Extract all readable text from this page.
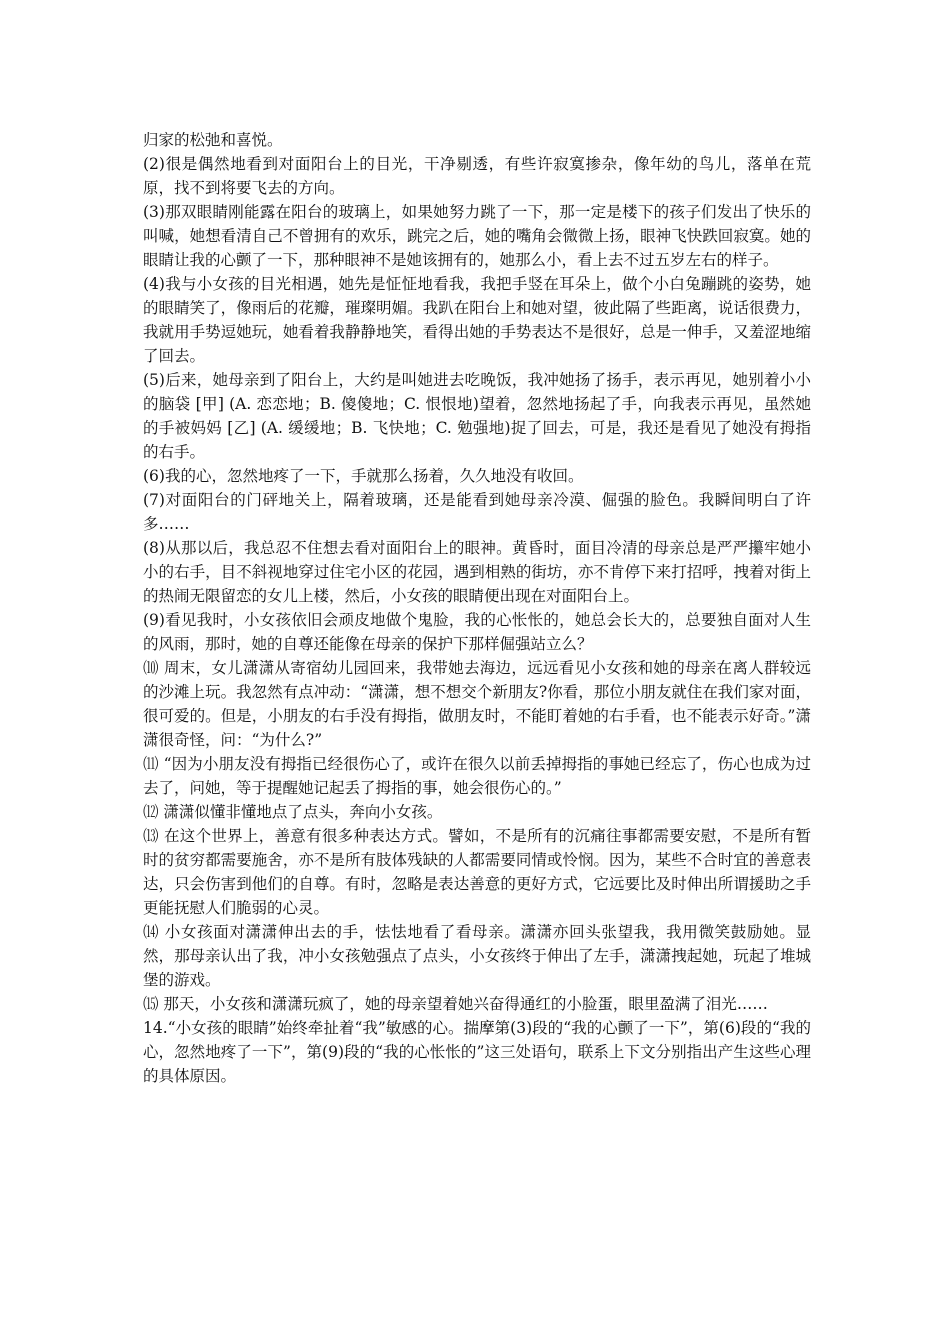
归家的松弛和喜悦。

(2)很是偶然地看到对面阳台上的目光，干净剔透，有些许寂寞掺杂，像年幼的鸟儿，落单在荒原，找不到将要飞去的方向。

(3)那双眼睛刚能露在阳台的玻璃上，如果她努力跳了一下，那一定是楼下的孩子们发出了快乐的叫喊，她想看清自己不曾拥有的欢乐，跳完之后，她的嘴角会微微上扬，眼神飞快跌回寂寞。她的眼睛让我的心颤了一下，那种眼神不是她该拥有的，她那么小，看上去不过五岁左右的样子。

(4)我与小女孩的目光相遇，她先是怔怔地看我，我把手竖在耳朵上，做个小白兔蹦跳的姿势，她的眼睛笑了，像雨后的花瓣，璀璨明媚。我趴在阳台上和她对望，彼此隔了些距离，说话很费力，我就用手势逗她玩，她看着我静静地笑，看得出她的手势表达不是很好，总是一伸手，又羞涩地缩了回去。

(5)后来，她母亲到了阳台上，大约是叫她进去吃晚饭，我冲她扬了扬手，表示再见，她别着小小的脑袋 [甲] (A. 恋恋地；B. 傻傻地；C. 恨恨地)望着，忽然地扬起了手，向我表示再见，虽然她的手被妈妈 [乙] (A. 缓缓地；B. 飞快地；C. 勉强地)捉了回去，可是，我还是看见了她没有拇指的右手。

(6)我的心，忽然地疼了一下，手就那么扬着，久久地没有收回。

(7)对面阳台的门砰地关上，隔着玻璃，还是能看到她母亲冷漠、倔强的脸色。我瞬间明白了许多……

(8)从那以后，我总忍不住想去看对面阳台上的眼神。黄昏时，面目冷清的母亲总是严严攥牢她小小的右手，目不斜视地穿过住宅小区的花园，遇到相熟的街坊，亦不肯停下来打招呼，拽着对街上的热闹无限留恋的女儿上楼，然后，小女孩的眼睛便出现在对面阳台上。

(9)看见我时，小女孩依旧会顽皮地做个鬼脸，我的心怅怅的，她总会长大的，总要独自面对人生的风雨，那时，她的自尊还能像在母亲的保护下那样倔强站立么？

⑽ 周末，女儿潇潇从寄宿幼儿园回来，我带她去海边，远远看见小女孩和她的母亲在离人群较远的沙滩上玩。我忽然有点冲动：“潇潇，想不想交个新朋友?你看，那位小朋友就住在我们家对面，很可爱的。但是，小朋友的右手没有拇指，做朋友时，不能盯着她的右手看，也不能表示好奇。”潇潇很奇怪，问：“为什么?”

⑾ “因为小朋友没有拇指已经很伤心了，或许在很久以前丢掉拇指的事她已经忘了，伤心也成为过去了，问她，等于提醒她记起丢了拇指的事，她会很伤心的。”

⑿ 潇潇似懂非懂地点了点头，奔向小女孩。

⒀ 在这个世界上，善意有很多种表达方式。譬如，不是所有的沉痛往事都需要安慰，不是所有暂时的贫穷都需要施舍，亦不是所有肢体残缺的人都需要同情或怜悯。因为，某些不合时宜的善意表达，只会伤害到他们的自尊。有时，忽略是表达善意的更好方式，它远要比及时伸出所谓援助之手更能抚慰人们脆弱的心灵。

⒁ 小女孩面对潇潇伸出去的手，怯怯地看了看母亲。潇潇亦回头张望我，我用微笑鼓励她。显然，那母亲认出了我，冲小女孩勉强点了点头，小女孩终于伸出了左手，潇潇拽起她，玩起了堆城堡的游戏。

⒂ 那天，小女孩和潇潇玩疯了，她的母亲望着她兴奋得通红的小脸蛋，眼里盈满了泪光……

14.“小女孩的眼睛”始终牵扯着“我”敏感的心。揣摩第(3)段的“我的心颤了一下”，第(6)段的“我的心，忽然地疼了一下”，第(9)段的“我的心怅怅的”这三处语句，联系上下文分别指出产生这些心理的具体原因。
